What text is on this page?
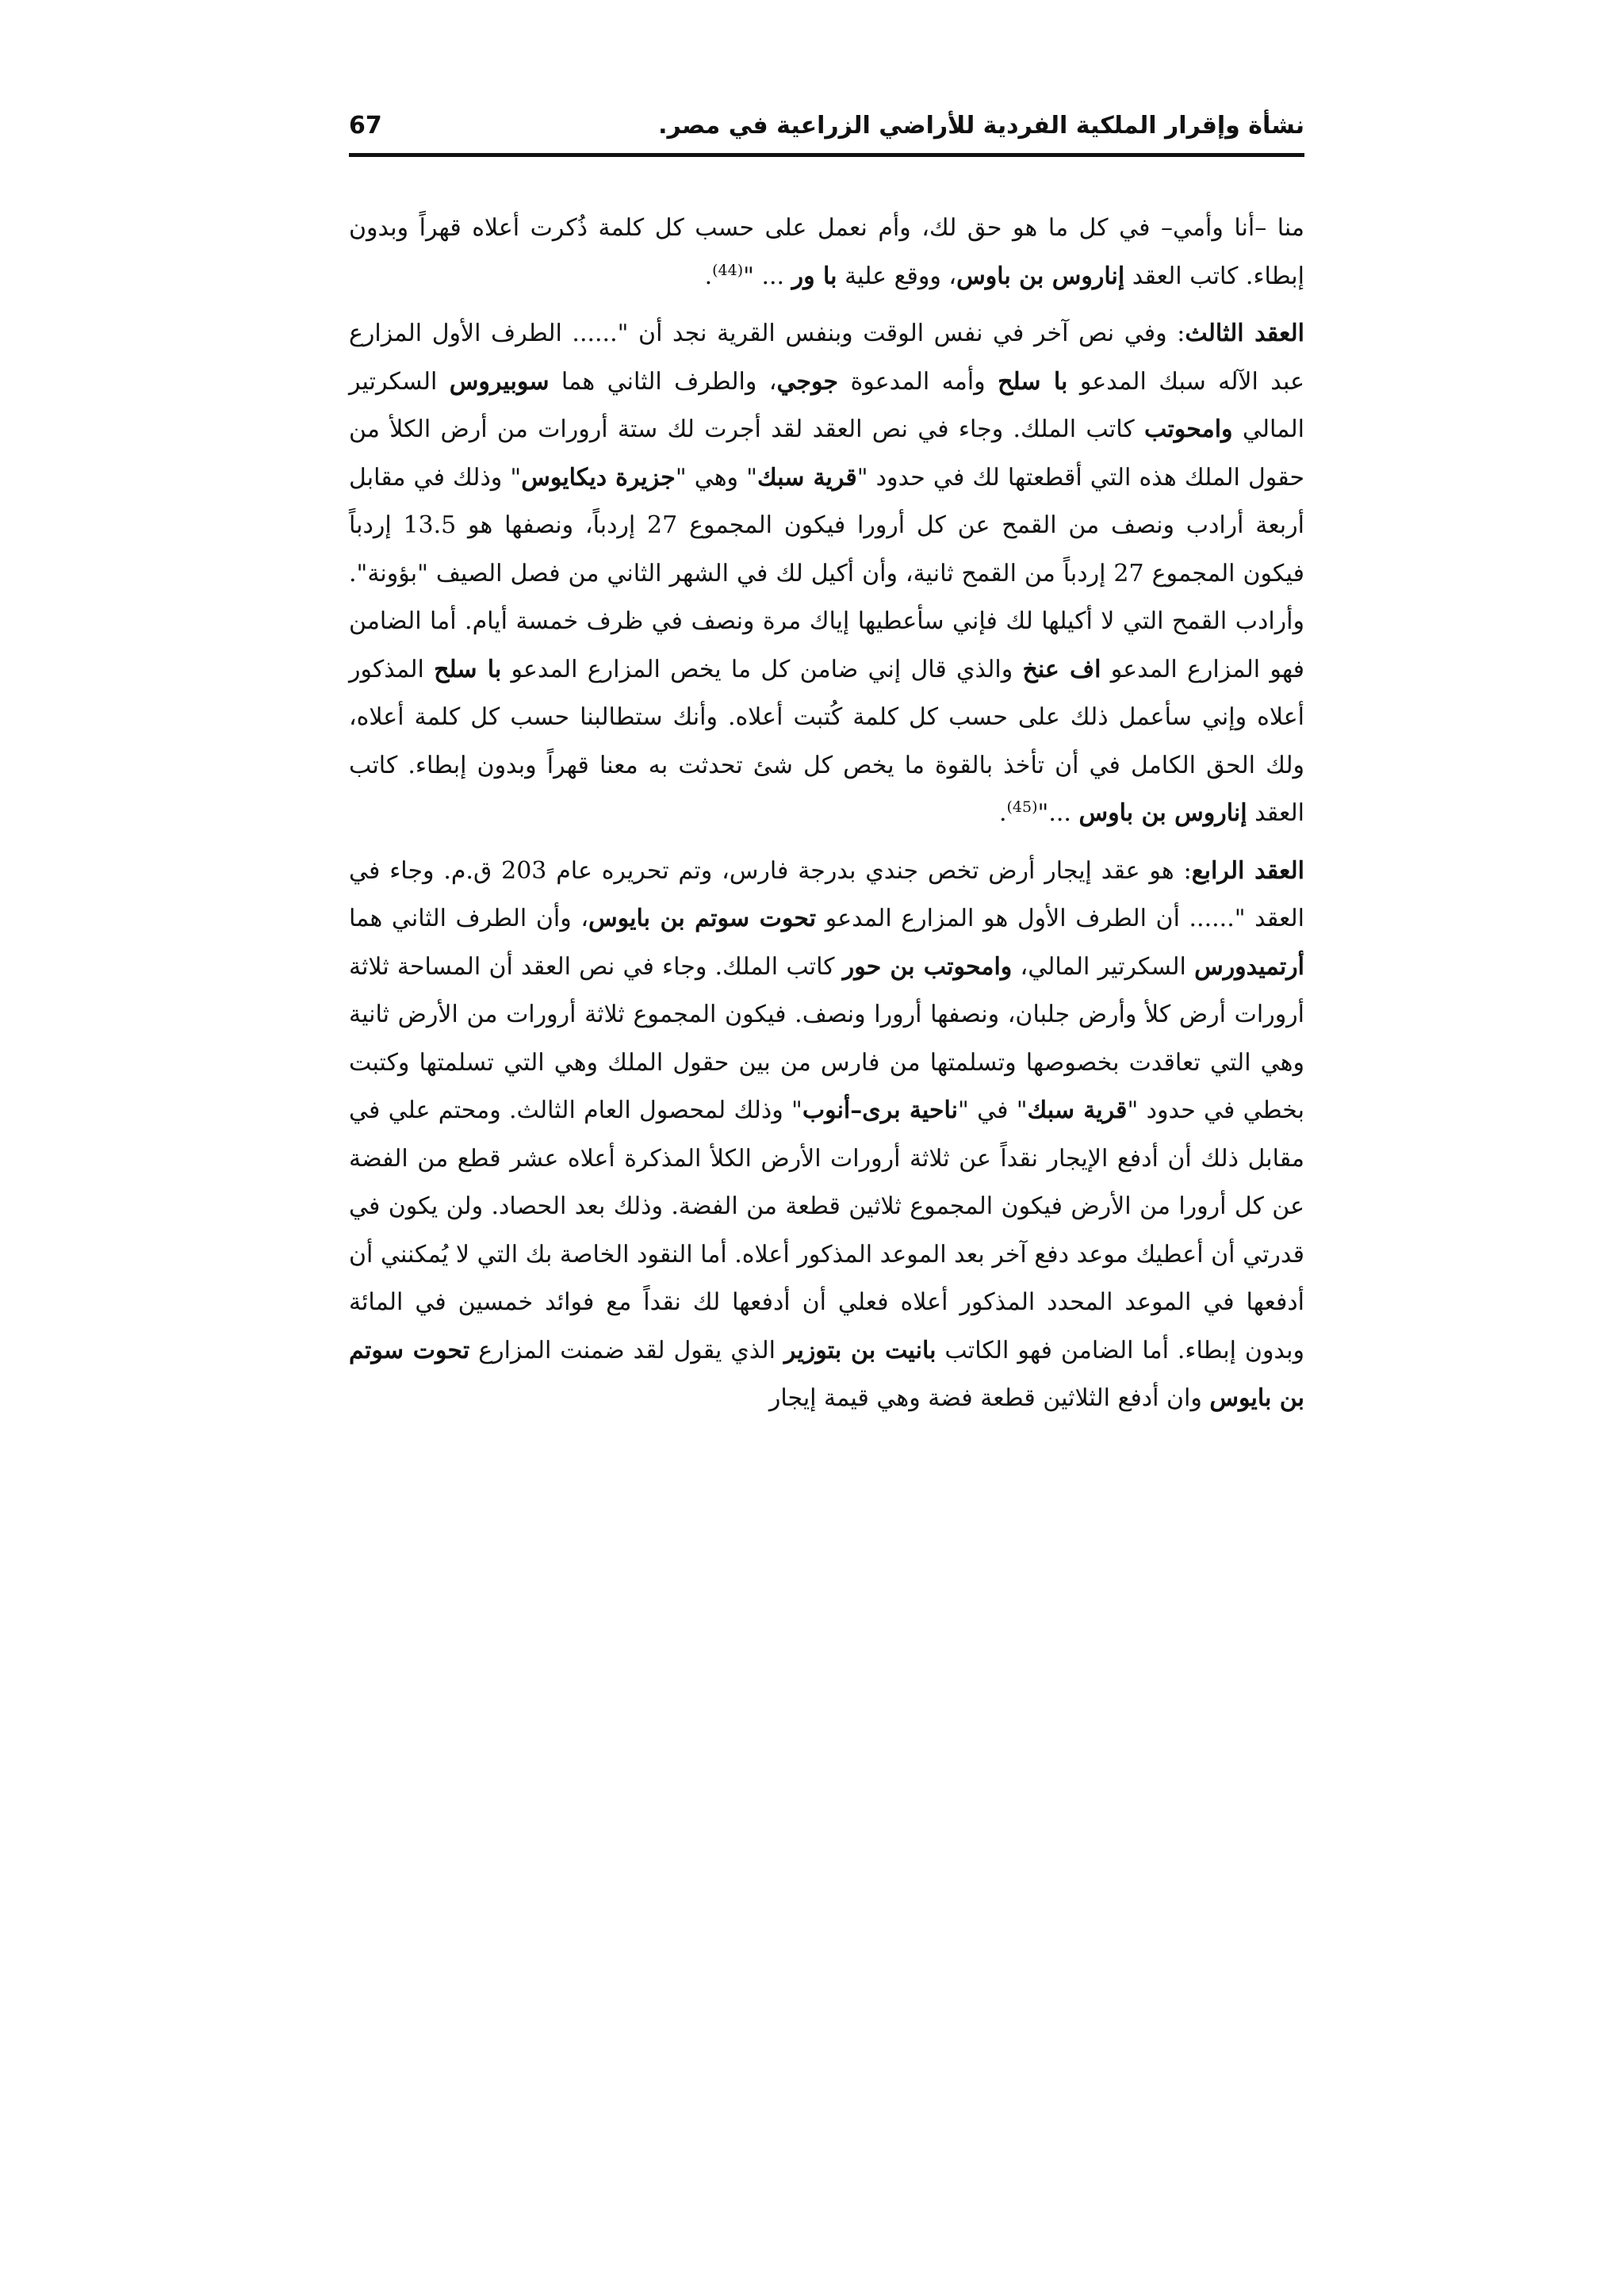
نشأة وإقرار الملكية الفردية للأراضي الزراعية في مصر.
67

منا –أنا وأمي– في كل ما هو حق لك، وأم نعمل على حسب كل كلمة ذُكرت أعلاه قهراً وبدون إبطاء. كاتب العقد إناروس بن باوس، ووقع علية با ور ... "$^{(44)}$.

العقد الثالث: وفي نص آخر في نفس الوقت وبنفس القرية نجد أن "...... الطرف الأول المزارع عبد الآله سبك المدعو با سلح وأمه المدعوة جوجي، والطرف الثاني هما سوبيروس السكرتير المالي وامحوتب كاتب الملك. وجاء في نص العقد لقد أجرت لك ستة أرورات من أرض الكلأ من حقول الملك هذه التي أقطعتها لك في حدود "قرية سبك" وهي "جزيرة ديكايوس" وذلك في مقابل أربعة أرادب ونصف من القمح عن كل أرورا فيكون المجموع 27 إردباً، ونصفها هو 13.5 إردباً فيكون المجموع 27 إردباً من القمح ثانية، وأن أكيل لك في الشهر الثاني من فصل الصيف "بؤونة". وأرادب القمح التي لا أكيلها لك فإني سأعطيها إياك مرة ونصف في ظرف خمسة أيام. أما الضامن فهو المزارع المدعو اف عنخ والذي قال إني ضامن كل ما يخص المزارع المدعو با سلح المذكور أعلاه وإني سأعمل ذلك على حسب كل كلمة كُتبت أعلاه. وأنك ستطالبنا حسب كل كلمة أعلاه، ولك الحق الكامل في أن تأخذ بالقوة ما يخص كل شئ تحدثت به معنا قهراً وبدون إبطاء. كاتب العقد إناروس بن باوس ..."$^{(45)}$.

العقد الرابع: هو عقد إيجار أرض تخص جندي بدرجة فارس، وتم تحريره عام 203 ق.م. وجاء في العقد "...... أن الطرف الأول هو المزارع المدعو تحوت سوتم بن بايوس، وأن الطرف الثاني هما أرتميدورس السكرتير المالي، وامحوتب بن حور كاتب الملك. وجاء في نص العقد أن المساحة ثلاثة أرورات أرض كلأ وأرض جلبان، ونصفها أرورا ونصف. فيكون المجموع ثلاثة أرورات من الأرض ثانية وهي التي تعاقدت بخصوصها وتسلمتها من فارس من بين حقول الملك وهي التي تسلمتها وكتبت بخطي في حدود "قرية سبك" في "ناحية برى–أنوب" وذلك لمحصول العام الثالث. ومحتم علي في مقابل ذلك أن أدفع الإيجار نقداً عن ثلاثة أرورات الأرض الكلأ المذكرة أعلاه عشر قطع من الفضة عن كل أرورا من الأرض فيكون المجموع ثلاثين قطعة من الفضة. وذلك بعد الحصاد. ولن يكون في قدرتي أن أعطيك موعد دفع آخر بعد الموعد المذكور أعلاه. أما النقود الخاصة بك التي لا يُمكنني أن أدفعها في الموعد المحدد المذكور أعلاه فعلي أن أدفعها لك نقداً مع فوائد خمسين في المائة وبدون إبطاء. أما الضامن فهو الكاتب بانيت بن بتوزير الذي يقول لقد ضمنت المزارع تحوت سوتم بن بايوس وان أدفع الثلاثين قطعة فضة وهي قيمة إيجار
